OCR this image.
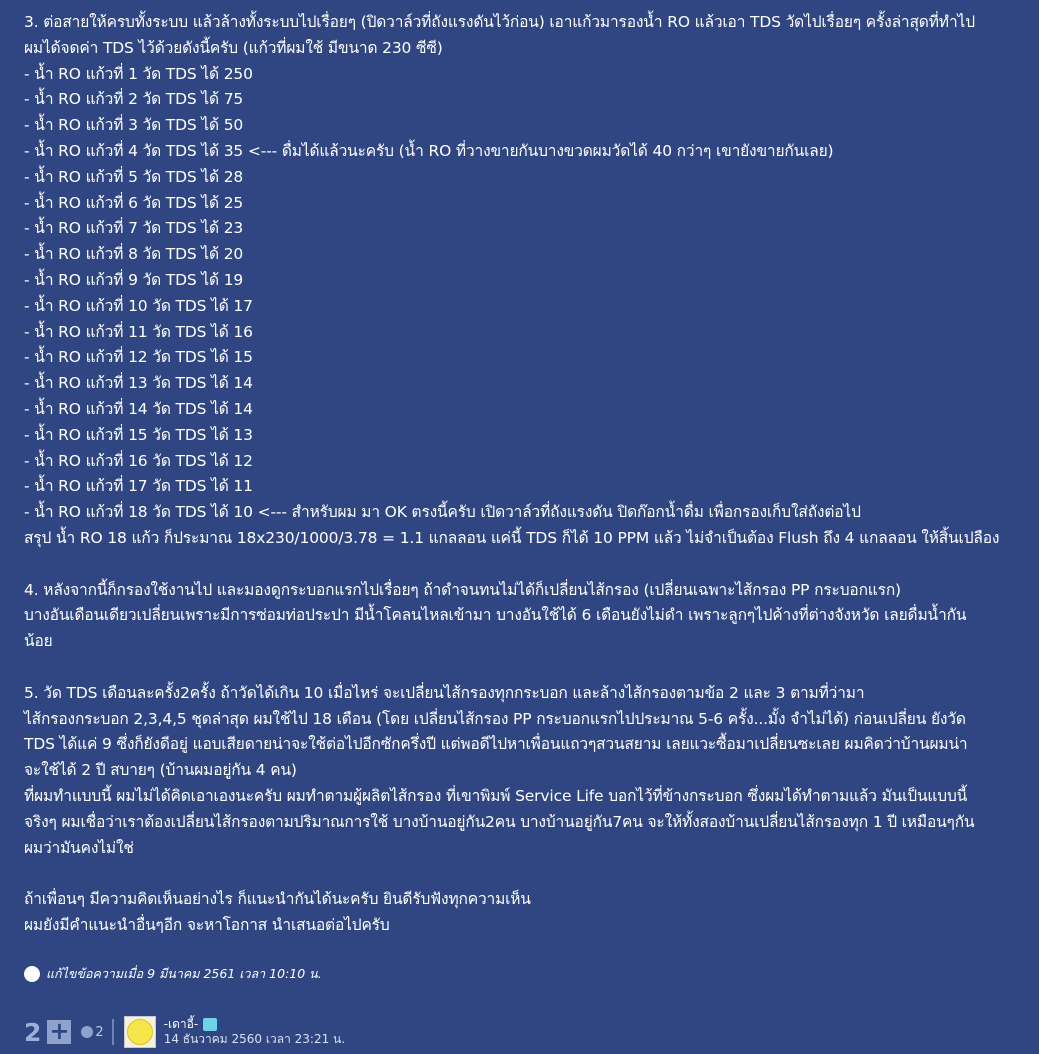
3. ต่อสายให้ครบทั้งระบบ แล้วล้างทั้งระบบไปเรื่อยๆ (ปิดวาล์วที่ถังแรงดันไว้ก่อน) เอาแก้วมารองน้ำ RO แล้วเอา TDS วัดไปเรื่อยๆ ครั้งล่าสุดที่ทำไป

ผมได้จดค่า TDS ไว้ด้วยดังนี้ครับ (แก้วที่ผมใช้ มีขนาด 230 ซีซี)

- น้ำ RO แก้วที่ 1 วัด TDS ได้ 250

- น้ำ RO แก้วที่ 2 วัด TDS ได้ 75

- น้ำ RO แก้วที่ 3 วัด TDS ได้ 50

- น้ำ RO แก้วที่ 4 วัด TDS ได้ 35 <--- ดื่มได้แล้วนะครับ (น้ำ RO ที่วางขายกันบางขวดผมวัดได้ 40 กว่าๆ เขายังขายกันเลย)

- น้ำ RO แก้วที่ 5 วัด TDS ได้ 28

- น้ำ RO แก้วที่ 6 วัด TDS ได้ 25

- น้ำ RO แก้วที่ 7 วัด TDS ได้ 23

- น้ำ RO แก้วที่ 8 วัด TDS ได้ 20

- น้ำ RO แก้วที่ 9 วัด TDS ได้ 19

- น้ำ RO แก้วที่ 10 วัด TDS ได้ 17

- น้ำ RO แก้วที่ 11 วัด TDS ได้ 16

- น้ำ RO แก้วที่ 12 วัด TDS ได้ 15

- น้ำ RO แก้วที่ 13 วัด TDS ได้ 14

- น้ำ RO แก้วที่ 14 วัด TDS ได้ 14

- น้ำ RO แก้วที่ 15 วัด TDS ได้ 13

- น้ำ RO แก้วที่ 16 วัด TDS ได้ 12

- น้ำ RO แก้วที่ 17 วัด TDS ได้ 11

- น้ำ RO แก้วที่ 18 วัด TDS ได้ 10 <--- สำหรับผม มา OK ตรงนี้ครับ เปิดวาล์วที่ถังแรงดัน ปิดก๊อกน้ำดื่ม เพื่อกรองเก็บใส่ถังต่อไป

สรุป น้ำ RO 18 แก้ว ก็ประมาณ 18x230/1000/3.78 = 1.1 แกลลอน แค่นี้ TDS ก็ได้ 10 PPM แล้ว ไม่จำเป็นต้อง Flush ถึง 4 แกลลอน ให้สิ้นเปลือง

4. หลังจากนี้ก็กรองใช้งานไป และมองดูกระบอกแรกไปเรื่อยๆ ถ้าดำจนทนไม่ได้ก็เปลี่ยนไส้กรอง (เปลี่ยนเฉพาะไส้กรอง PP กระบอกแรก)

บางอันเดือนเดียวเปลี่ยนเพราะมีการซ่อมท่อประปา มีน้ำโคลนไหลเข้ามา บางอันใช้ได้ 6 เดือนยังไม่ดำ เพราะลูกๆไปค้างที่ต่างจังหวัด เลยดื่มน้ำกัน

น้อย

5. วัด TDS เดือนละครั้ง2ครั้ง ถ้าวัดได้เกิน 10 เมื่อไหร่ จะเปลี่ยนไส้กรองทุกกระบอก และล้างไส้กรองตามข้อ 2 และ 3 ตามที่ว่ามา

ไส้กรองกระบอก 2,3,4,5 ชุดล่าสุด ผมใช้ไป 18 เดือน (โดย เปลี่ยนไส้กรอง PP กระบอกแรกไปประมาณ 5-6 ครั้ง...มั้ง จำไม่ได้) ก่อนเปลี่ยน ยังวัด

TDS ได้แค่ 9 ซึ่งก็ยังดีอยู่ แอบเสียดายน่าจะใช้ต่อไปอีกซักครึ่งปี แต่พอดีไปหาเพื่อนแถวๆสวนสยาม เลยแวะซื้อมาเปลี่ยนซะเลย ผมคิดว่าบ้านผมน่า

จะใช้ได้ 2 ปี สบายๆ (บ้านผมอยู่กัน 4 คน)

ที่ผมทำแบบนี้ ผมไม่ได้คิดเอาเองนะครับ ผมทำตามผู้ผลิตไส้กรอง ที่เขาพิมพ์ Service Life บอกไว้ที่ข้างกระบอก ซึ่งผมได้ทำตามแล้ว มันเป็นแบบนี้

จริงๆ ผมเชื่อว่าเราต้องเปลี่ยนไส้กรองตามปริมาณการใช้ บางบ้านอยู่กัน2คน บางบ้านอยู่กัน7คน จะให้ทั้งสองบ้านเปลี่ยนไส้กรองทุก 1 ปี เหมือนๆกัน

ผมว่ามันคงไม่ใช่

ถ้าเพื่อนๆ มีความคิดเห็นอย่างไร ก็แนะนำกันได้นะครับ ยินดีรับฟังทุกความเห็น

ผมยังมีคำแนะนำอื่นๆอีก จะหาโอกาส นำเสนอต่อไปครับ

แก้ไขข้อความเมื่อ 9 มีนาคม 2561 เวลา 10:10 น.
2 + 2
-เดาอี้-
14 ธันวาคม 2560 เวลา 23:21 น.
